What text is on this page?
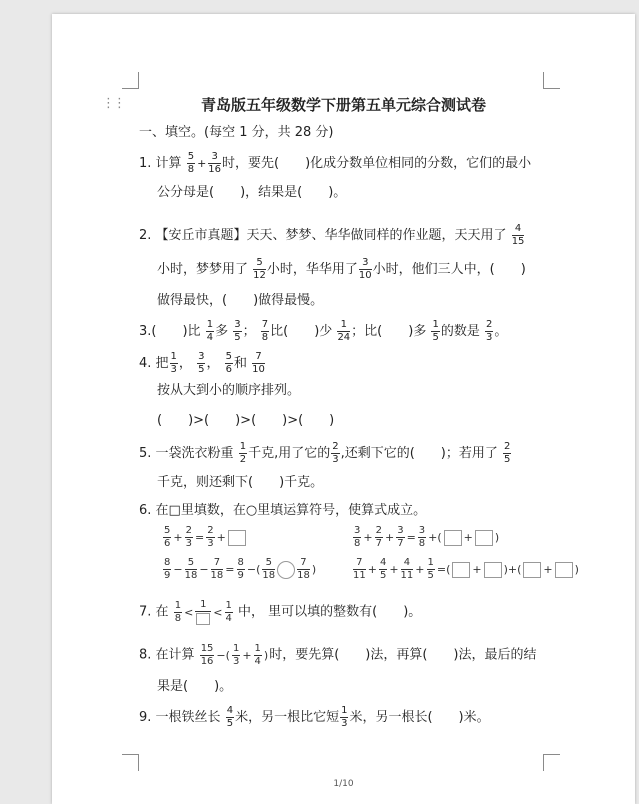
⋮⋮	青岛版五年级数学下册第五单元综合测试卷
一、填空。(每空 1 分，共 28 分)
1. 计算 $\frac{5}{8} + \frac{3}{16}$ 时，要先(　　 )化成分数单位相同的分数，它们的最小
公分母是(　　)，结果是(　　)。
2. 【安丘市真题】天天、梦梦、华华做同样的作业题，天天用了 $\frac{4}{15}$
小时，梦梦用了 $\frac{5}{12}$ 小时，华华用了 $\frac{3}{10}$ 小时，他们三人中，(　　)
做得最快，(　　)做得最慢。
3.(　　)比 $\frac{1}{4}$ 多 $\frac{3}{5}$ ； $\frac{7}{8}$ 比(　　)少 $\frac{1}{24}$ ；比(　　)多 $\frac{1}{5}$ 的数是 $\frac{2}{3}$ 。
4. 把 $\frac{1}{3}$ ， $\frac{3}{5}$ ， $\frac{5}{6}$ 和 $\frac{7}{10}$
按从大到小的顺序排列。
(　　)>(　　)>(　　)>(　　)
5. 一袋洗衣粉重 $\frac{1}{2}$ 千克,用了它的 $\frac{2}{3}$ ,还剩下它的(　　)；若用了 $\frac{2}{5}$
千克，则还剩下(　　)千克。
6. 在□里填数，在○里填运算符号，使算式成立。
$\frac{5}{6} + \frac{2}{3} = \frac{2}{3}$ +	$\frac{3}{8} + \frac{2}{7} + \frac{3}{7} = \frac{3}{8}$ +( + )
$\frac{8}{9} - \frac{5}{18} - \frac{7}{18} = \frac{8}{9}$ −( $\frac{5}{18} \frac{7}{18}$ )	$\frac{7}{11} + \frac{4}{5} + \frac{4}{11} + \frac{1}{5}$ =( + )+( + )
7. 在 $\frac{1}{8}$ <
1
< $\frac{1}{4}$ 中， 里可以填的整数有(　　)。
8. 在计算 $\frac{15}{16}$ −( $\frac{1}{3} + \frac{1}{4}$ )时，要先算(　　)法，再算(　　)法，最后的结
果是(　　)。
9. 一根铁丝长 $\frac{4}{5}$ 米，另一根比它短 $\frac{1}{3}$ 米，另一根长(　　)米。
1/10
